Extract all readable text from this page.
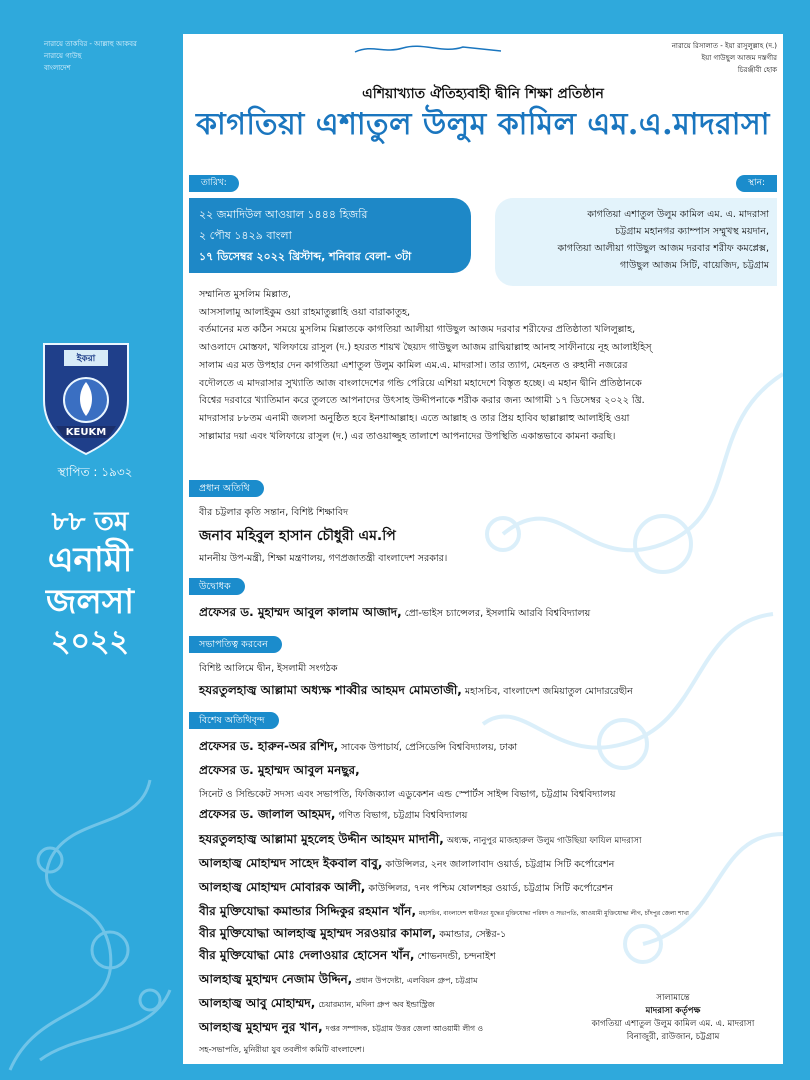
নারায়ে তাকবির - আল্লাহু আকবর
নারায়ে গাউছ
বাংলাদেশ
ইকরা
KEUKM
স্থাপিত : ১৯৩২
৮৮ তম
এনামী জলসা
২০২২
নারায়ে রিসালাত - ইয়া রাসুলুল্লাহ (দ.)
ইয়া গাউছুল আজম দস্তগীর
চিরঞ্জীবী হোক
এশিয়াখ্যাত ঐতিহ্যবাহী দ্বীনি শিক্ষা প্রতিষ্ঠান
কাগতিয়া এশাতুল উলুম কামিল এম.এ.মাদরাসা
তারিখ:	স্থান:
২২ জমাদিউল আওয়াল ১৪৪৪ হিজরি
২ পৌষ ১৪২৯ বাংলা
১৭ ডিসেম্বর ২০২২ খ্রিস্টাব্দ, শনিবার বেলা- ৩টা
কাগতিয়া এশাতুল উলুম কামিল এম. এ. মাদরাসা
চট্টগ্রাম মহানগর ক্যাম্পাস সম্মুখস্থ ময়দান,
কাগতিয়া আলীয়া গাউছুল আজম দরবার শরীফ কমপ্লেক্স,
গাউছুল আজম সিটি, বায়েজিদ, চট্টগ্রাম
সম্মানিত মুসলিম মিল্লাত,
আসসালামু আলাইকুম ওয়া রাহমাতুল্লাহি ওয়া বারাকাতুহ,
বর্তমানের মত কঠিন সময়ে মুসলিম মিল্লাতকে কাগতিয়া আলীয়া গাউছুল আজম দরবার শরীফের প্রতিষ্ঠাতা খলিলুল্লাহ,
আওলাদে মোস্তফা, খলিফায়ে রাসুল (দ.) হযরত শায়খ ছৈয়্যদ গাউছুল আজম রাদ্বিয়াল্লাহু আনহু সাফীনায়ে নূহ আলাইহিস্
সালাম এর মত উপহার দেন কাগতিয়া এশাতুল উলুম কামিল এম.এ. মাদরাসা। তার ত্যাগ, মেহনত ও রুহানী নজরের
বদৌলতে এ মাদরাসার সুখ্যাতি আজ বাংলাদেশের গন্ডি পেরিয়ে এশিয়া মহাদেশে বিস্তৃত হচ্ছে। এ মহান দ্বীনি প্রতিষ্ঠানকে
বিশ্বের দরবারে খ্যাতিমান করে তুলতে আপনাদের উৎসাহ উদ্দীপনাকে শরীক করার জন্য আগামী ১৭ ডিসেম্বর ২০২২ খ্রি.
মাদরাসার ৮৮তম এনামী জলসা অনুষ্ঠিত হবে ইনশাআল্লাহ। এতে আল্লাহ ও তার প্রিয় হাবিব ছাল্লাল্লাহু আলাইহি ওয়া
সাল্লামার দয়া এবং খলিফায়ে রাসুল (দ.) এর তাওয়াজ্জুহ তালাশে আপনাদের উপস্থিতি একান্তভাবে কামনা করছি।
প্রধান অতিথি
বীর চট্টলার কৃতি সন্তান, বিশিষ্ট শিক্ষাবিদ
জনাব মহিবুল হাসান চৌধুরী এম.পি
মাননীয় উপ-মন্ত্রী, শিক্ষা মন্ত্রণালয়, গণপ্রজাতন্ত্রী বাংলাদেশ সরকার।
উদ্বোধক
প্রফেসর ড. মুহাম্মদ আবুল কালাম আজাদ, প্রো-ভাইস চ্যান্সেলর, ইসলামি আরবি বিশ্ববিদ্যালয়
সভাপতিত্ব করবেন
বিশিষ্ট আলিমে দ্বীন, ইসলামী সংগঠক
হযরতুলহাজ্ব আল্লামা অধ্যক্ষ শাব্বীর আহমদ মোমতাজী, মহাসচিব, বাংলাদেশ জমিয়াতুল মোদাররেছীন
বিশেষ অতিথিবৃন্দ
প্রফেসর ড. হারুন-অর রশিদ, সাবেক উপাচার্য, প্রেসিডেন্সি বিশ্ববিদ্যালয়, ঢাকা
প্রফেসর ড. মুহাম্মদ আবুল মনছুর,
সিনেট ও সিন্ডিকেট সদস্য এবং সভাপতি, ফিজিক্যাল এডুকেশন এন্ড স্পোর্টস সাইন্স বিভাগ, চট্টগ্রাম বিশ্ববিদ্যালয়
প্রফেসর ড. জালাল আহমদ, গণিত বিভাগ, চট্টগ্রাম বিশ্ববিদ্যালয়
হযরতুলহাজ্ব আল্লামা মুহলেহ উদ্দীন আহমদ মাদানী, অধ্যক্ষ, নানুপুর মাজহারুল উলুম গাউছিয়া ফাযিল মাদরাসা
আলহাজ্ব মোহাম্মদ সাহেদ ইকবাল বাবু, কাউন্সিলর, ২নং জালালাবাদ ওয়ার্ড, চট্টগ্রাম সিটি কর্পোরেশন
আলহাজ্ব মোহাম্মদ মোবারক আলী, কাউন্সিলর, ৭নং পশ্চিম ষোলশহর ওয়ার্ড, চট্টগ্রাম সিটি কর্পোরেশন
বীর মুক্তিযোদ্ধা কমান্ডার সিদ্দিকুর রহমান খাঁন, মহাসচিব, বাংলাদেশ স্বাধীনতা যুদ্ধের মুক্তিযোদ্ধা পরিষদ ও সভাপতি, আওয়ামী মুক্তিযোদ্ধা লীগ, চাঁদপুর জেলা শাখা
বীর মুক্তিযোদ্ধা আলহাজ্ব মুহাম্মদ সরওয়ার কামাল, কমান্ডার, সেক্টর-১
বীর মুক্তিযোদ্ধা মোঃ দেলাওয়ার হোসেন খাঁন, শোভনদন্ডী, চন্দনাইশ
আলহাজ্ব মুহাম্মদ নেজাম উদ্দিন, প্রধান উপদেষ্টা, এলবিয়ন গ্রুপ, চট্টগ্রাম
আলহাজ্ব আবু মোহাম্মদ, চেয়ারম্যান, মদিনা গ্রুপ অব ইন্ডাস্ট্রিজ
আলহাজ্ব মুহাম্মদ নুর খান, দপ্তর সম্পাদক, চট্টগ্রাম উত্তর জেলা আওয়ামী লীগ ও
সহ-সভাপতি, মুনিরীয়া যুব তবলীগ কমিটি বাংলাদেশ।
সালামান্তে
মাদরাসা কর্তৃপক্ষ
কাগতিয়া এশাতুল উলুম কামিল এম. এ. মাদরাসা
বিনাজুরী, রাউজান, চট্টগ্রাম
